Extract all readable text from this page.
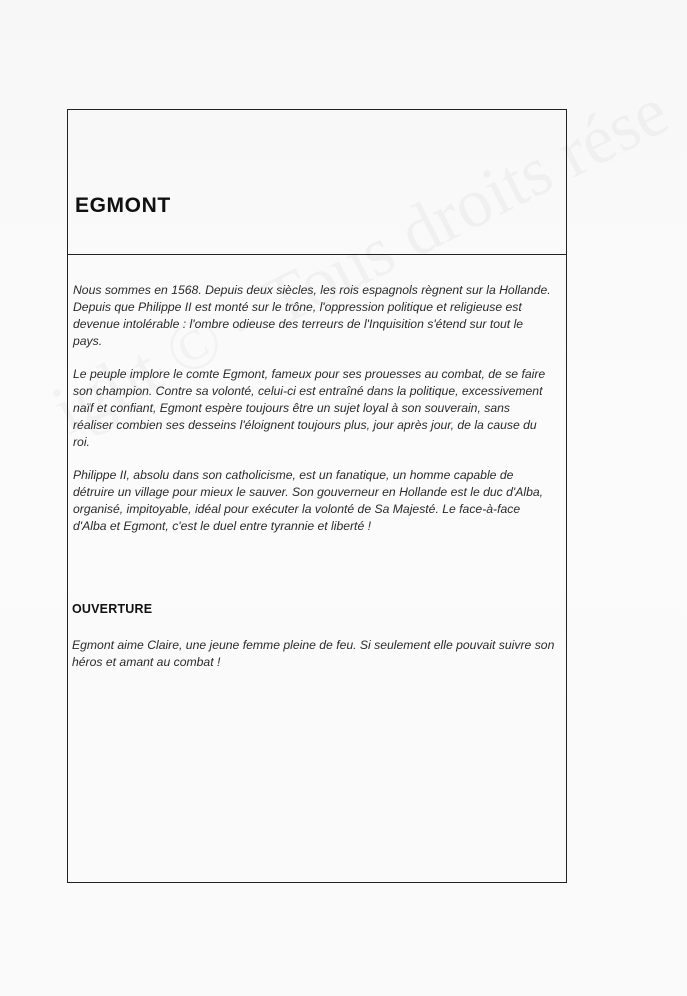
EGMONT

Nous sommes en 1568. Depuis deux siècles, les rois espagnols règnent sur la Hollande. Depuis que Philippe II est monté sur le trône, l'oppression politique et religieuse est devenue intolérable : l'ombre odieuse des terreurs de l'Inquisition s'étend sur tout le pays.

Le peuple implore le comte Egmont, fameux pour ses prouesses au combat, de se faire son champion. Contre sa volonté, celui-ci est entraîné dans la politique, excessivement naïf et confiant, Egmont espère toujours être un sujet loyal à son souverain, sans réaliser combien ses desseins l'éloignent toujours plus, jour après jour, de la cause du roi.

Philippe II, absolu dans son catholicisme, est un fanatique, un homme capable de détruire un village pour mieux le sauver. Son gouverneur en Hollande est le duc d'Alba, organisé, impitoyable, idéal pour exécuter la volonté de Sa Majesté. Le face-à-face d'Alba et Egmont, c'est le duel entre tyrannie et liberté !

OUVERTURE

Egmont aime Claire, une jeune femme pleine de feu. Si seulement elle pouvait suivre son héros et amant au combat !
